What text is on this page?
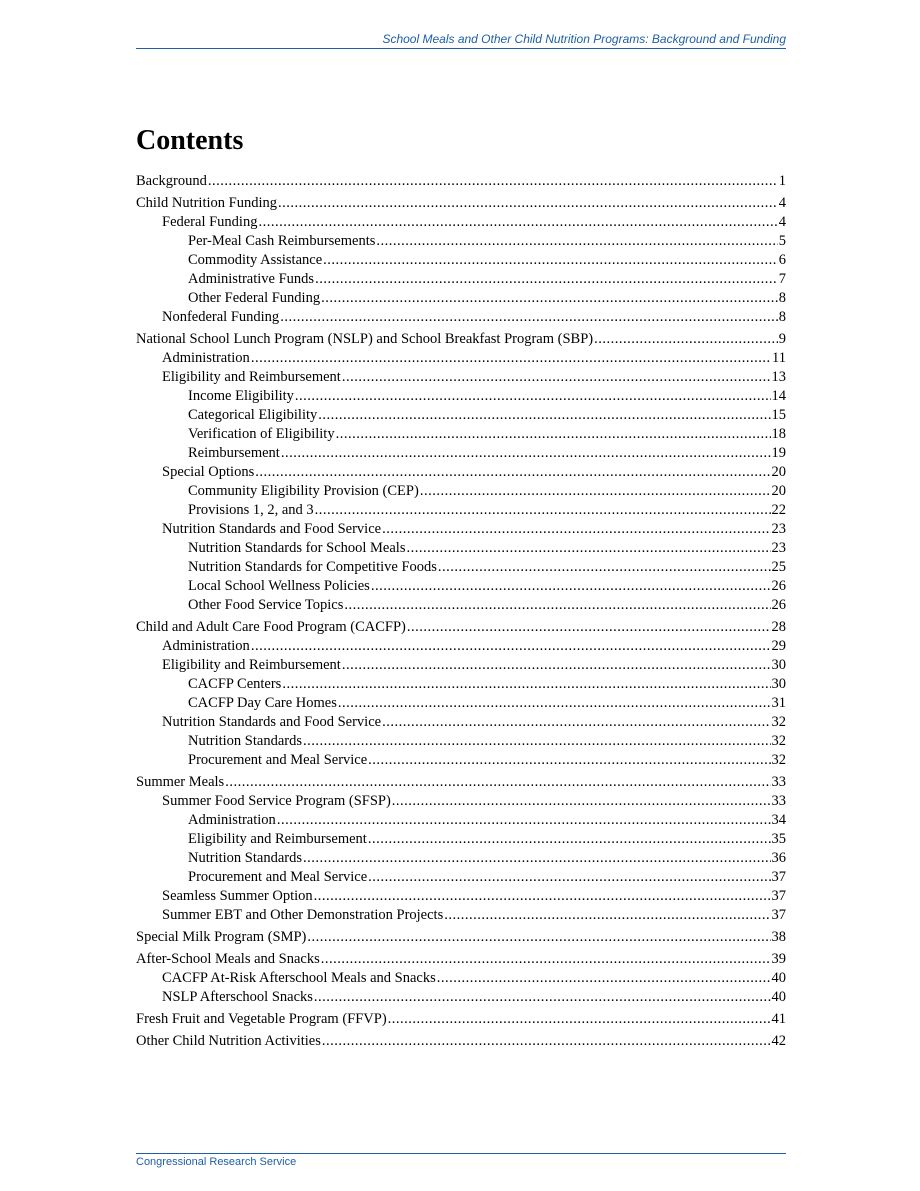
School Meals and Other Child Nutrition Programs: Background and Funding
Contents
Background .....	1
Child Nutrition Funding .....	4
Federal Funding .....	4
Per-Meal Cash Reimbursements .....	5
Commodity Assistance .....	6
Administrative Funds .....	7
Other Federal Funding .....	8
Nonfederal Funding .....	8
National School Lunch Program (NSLP) and School Breakfast Program (SBP) .....	9
Administration .....	11
Eligibility and Reimbursement .....	13
Income Eligibility .....	14
Categorical Eligibility .....	15
Verification of Eligibility .....	18
Reimbursement .....	19
Special Options .....	20
Community Eligibility Provision (CEP) .....	20
Provisions 1, 2, and 3 .....	22
Nutrition Standards and Food Service .....	23
Nutrition Standards for School Meals .....	23
Nutrition Standards for Competitive Foods .....	25
Local School Wellness Policies .....	26
Other Food Service Topics .....	26
Child and Adult Care Food Program (CACFP) .....	28
Administration .....	29
Eligibility and Reimbursement .....	30
CACFP Centers .....	30
CACFP Day Care Homes .....	31
Nutrition Standards and Food Service .....	32
Nutrition Standards .....	32
Procurement and Meal Service .....	32
Summer Meals .....	33
Summer Food Service Program (SFSP) .....	33
Administration .....	34
Eligibility and Reimbursement .....	35
Nutrition Standards .....	36
Procurement and Meal Service .....	37
Seamless Summer Option .....	37
Summer EBT and Other Demonstration Projects .....	37
Special Milk Program (SMP) .....	38
After-School Meals and Snacks .....	39
CACFP At-Risk Afterschool Meals and Snacks .....	40
NSLP Afterschool Snacks .....	40
Fresh Fruit and Vegetable Program (FFVP) .....	41
Other Child Nutrition Activities .....	42
Congressional Research Service
